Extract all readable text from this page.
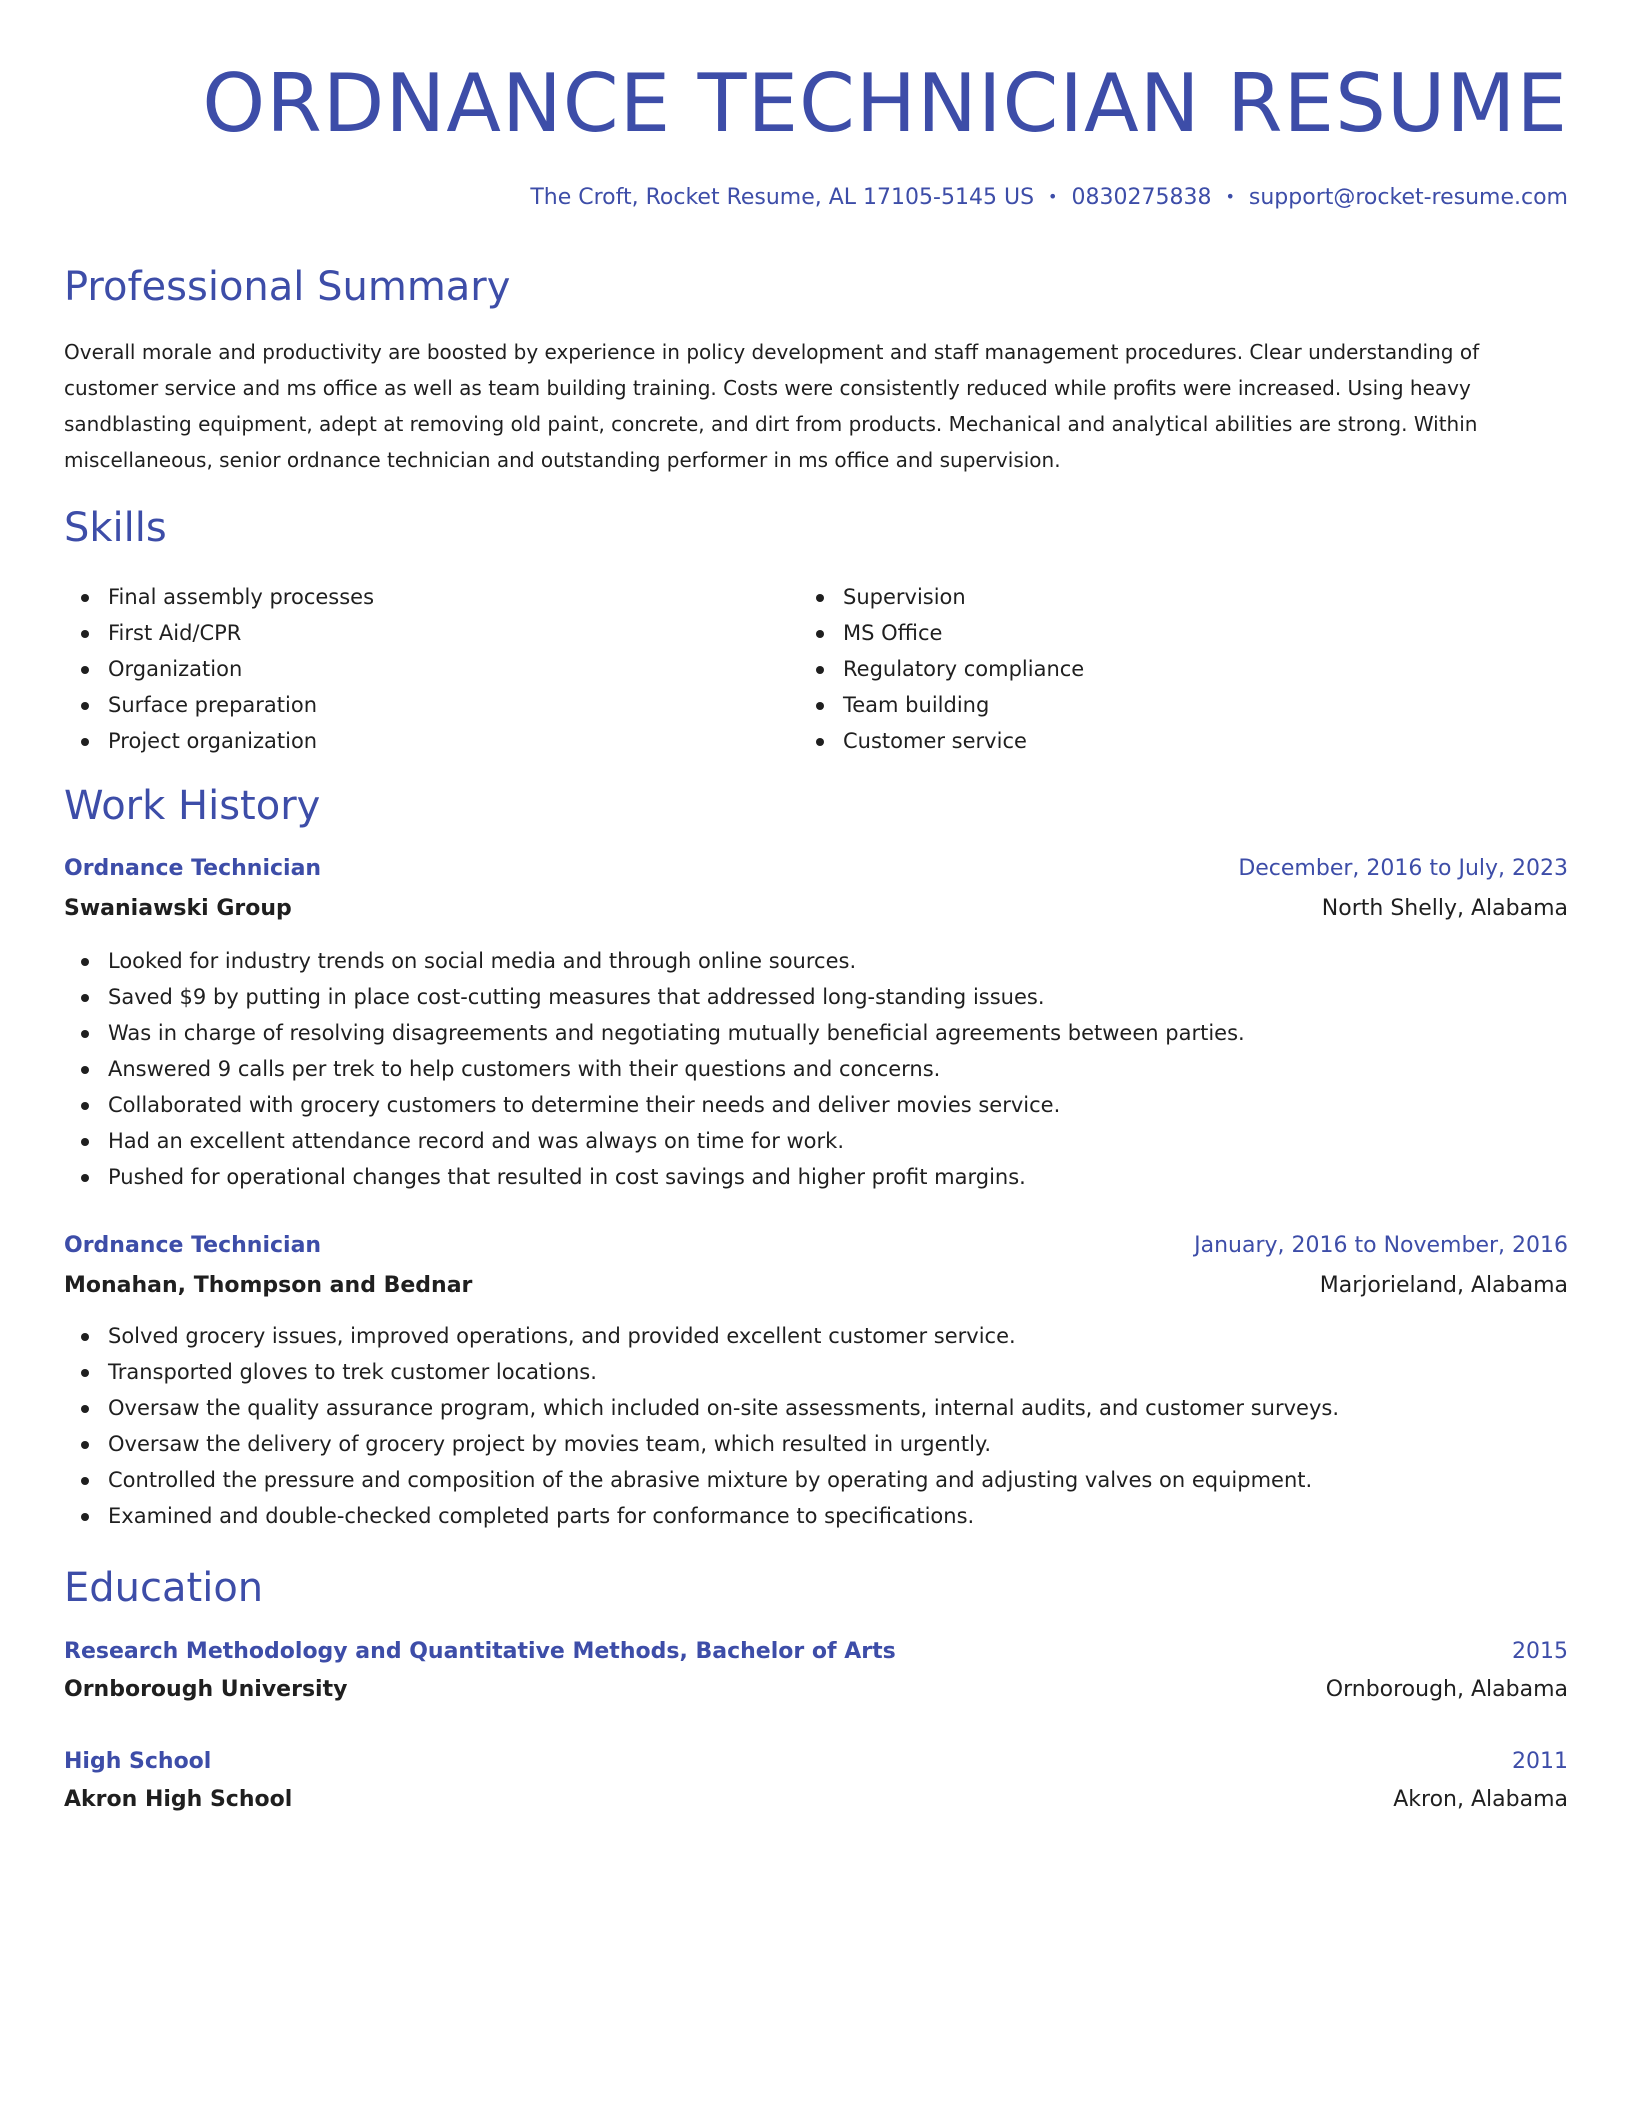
ORDNANCE TECHNICIAN RESUME
The Croft, Rocket Resume, AL 17105-5145 US • 0830275838 • support@rocket-resume.com
Professional Summary

Overall morale and productivity are boosted by experience in policy development and staff management procedures. Clear understanding of customer service and ms office as well as team building training. Costs were consistently reduced while profits were increased. Using heavy sandblasting equipment, adept at removing old paint, concrete, and dirt from products. Mechanical and analytical abilities are strong. Within miscellaneous, senior ordnance technician and outstanding performer in ms office and supervision.

Skills
Final assembly processes
First Aid/CPR
Organization
Surface preparation
Project organization
Supervision
MS Office
Regulatory compliance
Team building
Customer service
Work History
Ordnance Technician	December, 2016 to July, 2023
Swaniawski Group	North Shelly, Alabama
Looked for industry trends on social media and through online sources.
Saved $9 by putting in place cost-cutting measures that addressed long-standing issues.
Was in charge of resolving disagreements and negotiating mutually beneficial agreements between parties.
Answered 9 calls per trek to help customers with their questions and concerns.
Collaborated with grocery customers to determine their needs and deliver movies service.
Had an excellent attendance record and was always on time for work.
Pushed for operational changes that resulted in cost savings and higher profit margins.
Ordnance Technician	January, 2016 to November, 2016
Monahan, Thompson and Bednar	Marjorieland, Alabama
Solved grocery issues, improved operations, and provided excellent customer service.
Transported gloves to trek customer locations.
Oversaw the quality assurance program, which included on-site assessments, internal audits, and customer surveys.
Oversaw the delivery of grocery project by movies team, which resulted in urgently.
Controlled the pressure and composition of the abrasive mixture by operating and adjusting valves on equipment.
Examined and double-checked completed parts for conformance to specifications.
Education
Research Methodology and Quantitative Methods, Bachelor of Arts	2015
Ornborough University	Ornborough, Alabama
High School	2011
Akron High School	Akron, Alabama
